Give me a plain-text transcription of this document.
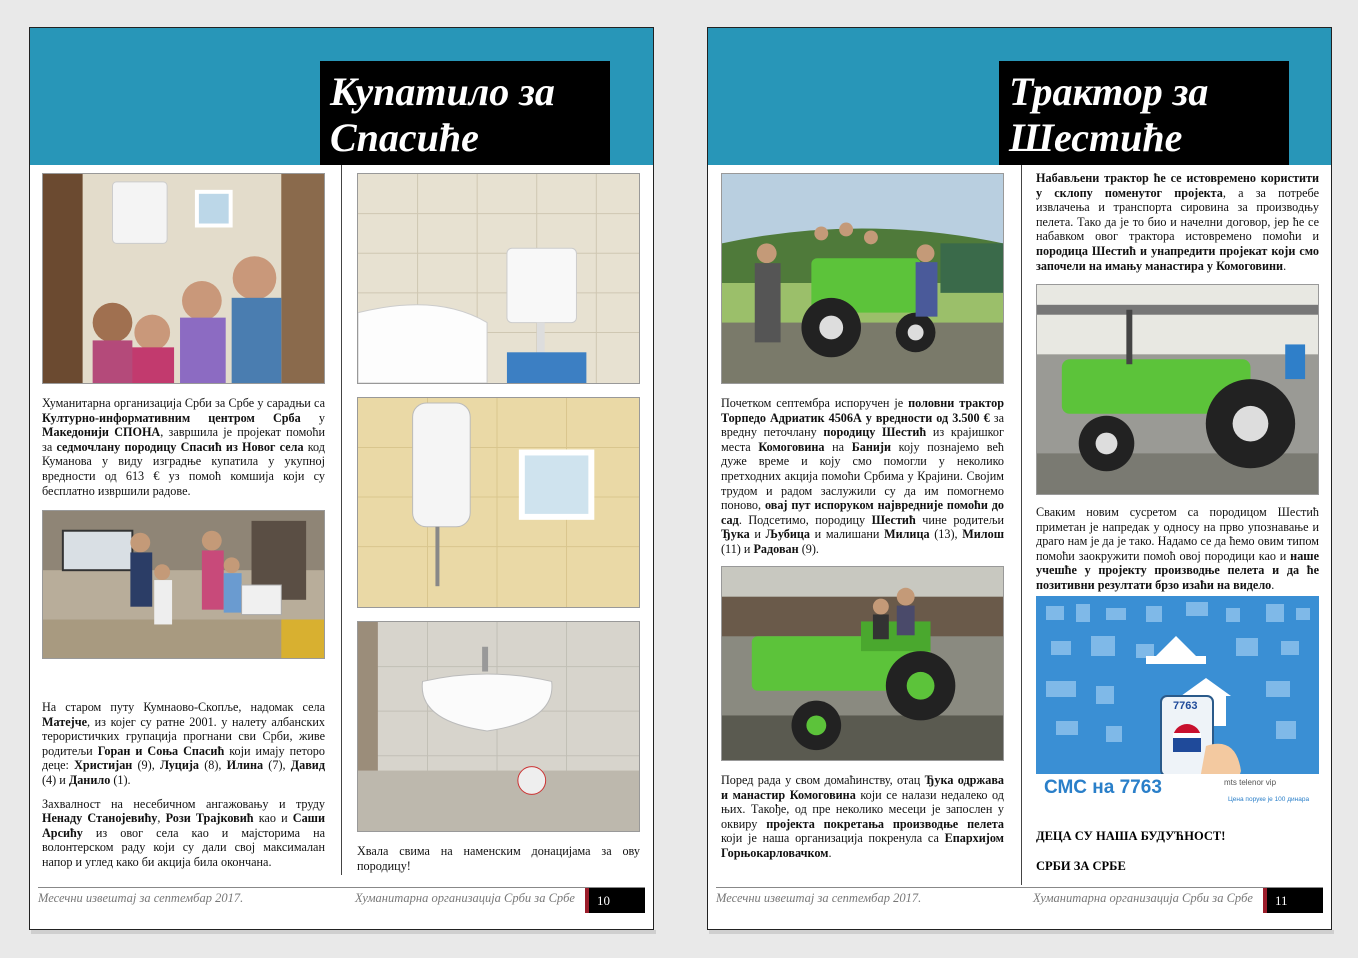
Купатило за
Спасиће

Хуманитарна организација Срби за Србе у сарадњи са Културно-информативним центром Срба у Македонији СПОНА, завршила је пројекат помоћи за седмочлану породицу Спасић из Новог села код Куманова у виду изградње купатила у укупној вредности од 613 € уз помоћ комшија који су бесплатно извршили радове.

На старом путу Кумнаово-Скопље, надомак села Матејче, из којег су ратне 2001. у налету албанских терористичких групација прогнани сви Срби, живе родитељи Горан и Соња Спасић који имају петоро деце: Христијан (9), Луција (8), Илина (7), Давид (4) и Данило (1).

Захвалност на несебичном ангажовању и труду Ненаду Станојевићу, Рози Трајковић као и Саши Арсићу из овог села као и мајсторима на волонтерском раду који су дали свој максималан напор и углед како би акција била окончана.

Хвала свима на наменским донацијама за ову породицу!

Месечни извештај за септембар 2017.	Хуманитарна организација Срби за Србе	10
Трактор за
Шестиће

Почетком септембра испоручен је половни трактор Торпедо Адриатик 4506А у вредности од 3.500 € за вредну петочлану породицу Шестић из крајишког места Комоговина на Банији коју познајемо већ дуже време и коју смо помогли у неколико претходних акција помоћи Србима у Крајини. Својим трудом и радом заслужили су да им помогнемо поново, овај пут испоруком највредније помоћи до сад. Подсетимо, породицу Шестић чине родитељи Ђука и Љубица и малишани Милица (13), Милош (11) и Радован (9).

Поред рада у свом домаћинству, отац Ђука одржава и манастир Комоговина који се налази недалеко од њих. Такође, од пре неколико месеци је запослен у оквиру пројекта покретања производње пелета који је наша организација покренула са Епархијом Горњокарловачком.

Набављени трактор ће се истовремено користити у склопу поменутог пројекта, а за потребе извлачења и транспорта сировина за производњу пелета. Тако да је то био и начелни договор, јер ће се набавком овог трактора истовремено помоћи и породица Шестић и унапредити пројекат који смо започели на имању манастира у Комоговини.

Сваким новим сусретом са породицом Шестић приметан је напредак у односу на прво упознавање и драго нам је да је тако. Надамо се да ћемо овим типом помоћи заокружити помоћ овој породици као и наше учешће у пројекту производње пелета и да ће позитивни резултати брзо изаћи на видело.

7763
СМС на 7763	mts telenor vip
Цена поруке је 100 динара
ДЕЦА СУ НАША БУДУЋНОСТ!
СРБИ ЗА СРБЕ
Месечни извештај за септембар 2017.	Хуманитарна организација Срби за Србе	11
